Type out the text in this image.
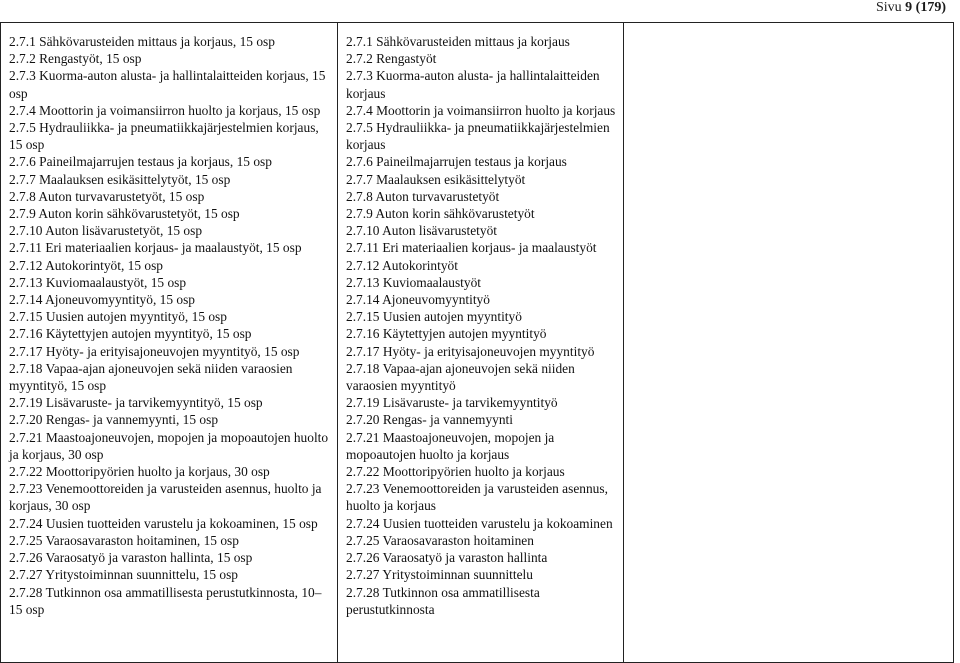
Sivu 9 (179)

2.7.1 Sähkövarusteiden mittaus ja korjaus, 15 osp

2.7.2 Rengastyöt, 15 osp

2.7.3 Kuorma-auton alusta- ja hallintalaitteiden korjaus, 15 osp

2.7.4 Moottorin ja voimansiirron huolto ja korjaus, 15 osp

2.7.5 Hydrauliikka- ja pneumatiikkajärjestelmien korjaus, 15 osp

2.7.6 Paineilmajarrujen testaus ja korjaus, 15 osp

2.7.7 Maalauksen esikäsittelytyöt, 15 osp

2.7.8 Auton turvavarustetyöt, 15 osp

2.7.9 Auton korin sähkövarustetyöt, 15 osp

2.7.10 Auton lisävarustetyöt, 15 osp

2.7.11 Eri materiaalien korjaus- ja maalaustyöt, 15 osp

2.7.12 Autokorintyöt, 15 osp

2.7.13 Kuviomaalaustyöt, 15 osp

2.7.14 Ajoneuvomyyntityö, 15 osp

2.7.15 Uusien autojen myyntityö, 15 osp

2.7.16 Käytettyjen autojen myyntityö, 15 osp

2.7.17 Hyöty- ja erityisajoneuvojen myyntityö, 15 osp

2.7.18 Vapaa-ajan ajoneuvojen sekä niiden varaosien myyntityö, 15 osp

2.7.19 Lisävaruste- ja tarvikemyyntityö, 15 osp

2.7.20 Rengas- ja vannemyynti, 15 osp

2.7.21 Maastoajoneuvojen, mopojen ja mopoautojen huolto ja korjaus, 30 osp

2.7.22 Moottoripyörien huolto ja korjaus, 30 osp

2.7.23 Venemoottoreiden ja varusteiden asennus, huolto ja korjaus, 30 osp

2.7.24 Uusien tuotteiden varustelu ja kokoaminen, 15 osp

2.7.25 Varaosavaraston hoitaminen, 15 osp

2.7.26 Varaosatyö ja varaston hallinta, 15 osp

2.7.27 Yritystoiminnan suunnittelu, 15 osp

2.7.28 Tutkinnon osa ammatillisesta perustutkinnosta, 10–15 osp

2.7.1 Sähkövarusteiden mittaus ja korjaus

2.7.2 Rengastyöt

2.7.3 Kuorma-auton alusta- ja hallintalaitteiden korjaus

2.7.4 Moottorin ja voimansiirron huolto ja korjaus

2.7.5 Hydrauliikka- ja pneumatiikkajärjestelmien korjaus

2.7.6 Paineilmajarrujen testaus ja korjaus

2.7.7 Maalauksen esikäsittelytyöt

2.7.8 Auton turvavarustetyöt

2.7.9 Auton korin sähkövarustetyöt

2.7.10 Auton lisävarustetyöt

2.7.11 Eri materiaalien korjaus- ja maalaustyöt

2.7.12 Autokorintyöt

2.7.13 Kuviomaalaustyöt

2.7.14 Ajoneuvomyyntityö

2.7.15 Uusien autojen myyntityö

2.7.16 Käytettyjen autojen myyntityö

2.7.17 Hyöty- ja erityisajoneuvojen myyntityö

2.7.18 Vapaa-ajan ajoneuvojen sekä niiden varaosien myyntityö

2.7.19 Lisävaruste- ja tarvikemyyntityö

2.7.20 Rengas- ja vannemyynti

2.7.21 Maastoajoneuvojen, mopojen ja mopoautojen huolto ja korjaus

2.7.22 Moottoripyörien huolto ja korjaus

2.7.23 Venemoottoreiden ja varusteiden asennus, huolto ja korjaus

2.7.24 Uusien tuotteiden varustelu ja kokoaminen

2.7.25 Varaosavaraston hoitaminen

2.7.26 Varaosatyö ja varaston hallinta

2.7.27 Yritystoiminnan suunnittelu

2.7.28 Tutkinnon osa ammatillisesta perustutkinnosta
